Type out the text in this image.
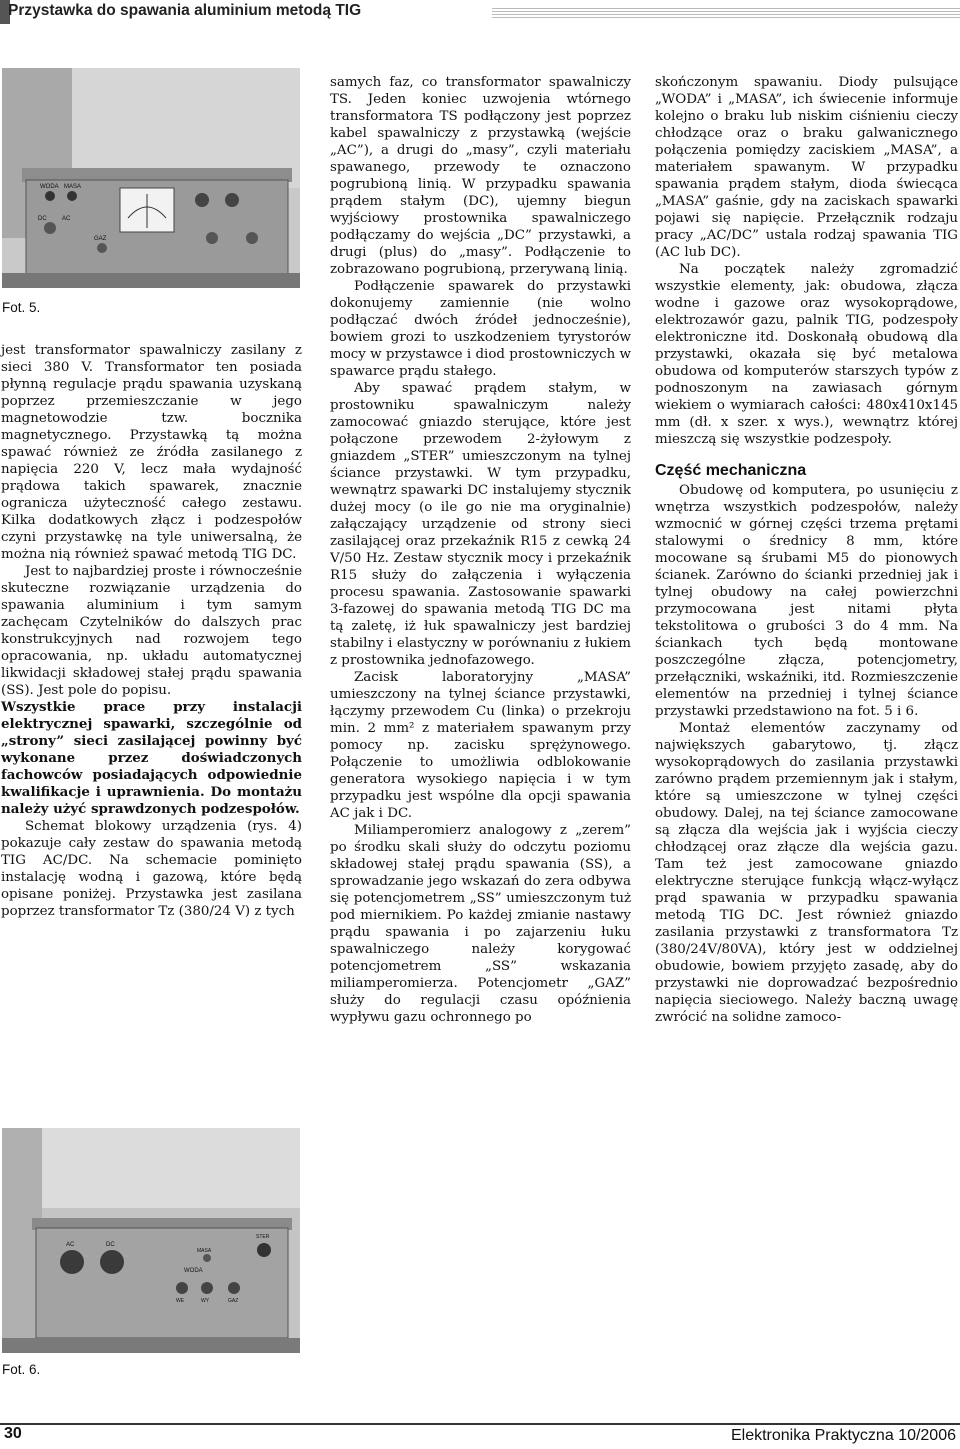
Przystawka do spawania aluminium metodą TIG
WODA MASA
DC	AC
GAZ
Fot. 5.
AC	DC
WODA
WE	WY
MASA
GAZ
STER
Fot. 6.

jest transformator spawalniczy zasilany z sieci 380 V. Transformator ten posiada płynną regulacje prądu spawania uzyskaną poprzez przemieszczanie w jego magnetowodzie tzw. bocznika magnetycznego. Przystawką tą można spawać również ze źródła zasilanego z napięcia 220 V, lecz mała wydajność prądowa takich spawarek, znacznie ogranicza użyteczność całego zestawu. Kilka dodatkowych złącz i podzespołów czyni przystawkę na tyle uniwersalną, że można nią również spawać metodą TIG DC.

Jest to najbardziej proste i równocześnie skuteczne rozwiązanie urządzenia do spawania aluminium i tym samym zachęcam Czytelników do dalszych prac konstrukcyjnych nad rozwojem tego opracowania, np. układu automatycznej likwidacji składowej stałej prądu spawania (SS). Jest pole do popisu.

Wszystkie prace przy instalacji elektrycznej spawarki, szczególnie od „strony” sieci zasilającej powinny być wykonane przez doświadczonych fachowców posiadających odpowiednie kwalifikacje i uprawnienia. Do montażu należy użyć sprawdzonych podzespołów.

Schemat blokowy urządzenia (rys. 4) pokazuje cały zestaw do spawania metodą TIG AC/DC. Na schemacie pominięto instalację wodną i gazową, które będą opisane poniżej. Przystawka jest zasilana poprzez transformator Tz (380/24 V) z tych

samych faz, co transformator spawalniczy TS. Jeden koniec uzwojenia wtórnego transformatora TS podłączony jest poprzez kabel spawalniczy z przystawką (wejście „AC”), a drugi do „masy”, czyli materiału spawanego, przewody te oznaczono pogrubioną linią. W przypadku spawania prądem stałym (DC), ujemny biegun wyjściowy prostownika spawalniczego podłączamy do wejścia „DC” przystawki, a drugi (plus) do „masy”. Podłączenie to zobrazowano pogrubioną, przerywaną linią.

Podłączenie spawarek do przystawki dokonujemy zamiennie (nie wolno podłączać dwóch źródeł jednocześnie), bowiem grozi to uszkodzeniem tyrystorów mocy w przystawce i diod prostowniczych w spawarce prądu stałego.

Aby spawać prądem stałym, w prostowniku spawalniczym należy zamocować gniazdo sterujące, które jest połączone przewodem 2-żyłowym z gniazdem „STER” umieszczonym na tylnej ściance przystawki. W tym przypadku, wewnątrz spawarki DC instalujemy stycznik dużej mocy (o ile go nie ma oryginalnie) załączający urządzenie od strony sieci zasilającej oraz przekaźnik R15 z cewką 24 V/50 Hz. Zestaw stycznik mocy i przekaźnik R15 służy do załączenia i wyłączenia procesu spawania. Zastosowanie spawarki 3-fazowej do spawania metodą TIG DC ma tą zaletę, iż łuk spawalniczy jest bardziej stabilny i elastyczny w porównaniu z łukiem z prostownika jednofazowego.

Zacisk laboratoryjny „MASA” umieszczony na tylnej ściance przystawki, łączymy przewodem Cu (linka) o przekroju min. 2 mm² z materiałem spawanym przy pomocy np. zacisku sprężynowego. Połączenie to umożliwia odblokowanie generatora wysokiego napięcia i w tym przypadku jest wspólne dla opcji spawania AC jak i DC.

Miliamperomierz analogowy z „zerem” po środku skali służy do odczytu poziomu składowej stałej prądu spawania (SS), a sprowadzanie jego wskazań do zera odbywa się potencjometrem „SS” umieszczonym tuż pod miernikiem. Po każdej zmianie nastawy prądu spawania i po zajarzeniu łuku spawalniczego należy korygować potencjometrem „SS” wskazania miliamperomierza. Potencjometr „GAZ” służy do regulacji czasu opóźnienia wypływu gazu ochronnego po

skończonym spawaniu. Diody pulsujące „WODA” i „MASA”, ich świecenie informuje kolejno o braku lub niskim ciśnieniu cieczy chłodzące oraz o braku galwanicznego połączenia pomiędzy zaciskiem „MASA”, a materiałem spawanym. W przypadku spawania prądem stałym, dioda świecąca „MASA” gaśnie, gdy na zaciskach spawarki pojawi się napięcie. Przełącznik rodzaju pracy „AC/DC” ustala rodzaj spawania TIG (AC lub DC).

Na początek należy zgromadzić wszystkie elementy, jak: obudowa, złącza wodne i gazowe oraz wysokoprądowe, elektrozawór gazu, palnik TIG, podzespoły elektroniczne itd. Doskonałą obudową dla przystawki, okazała się być metalowa obudowa od komputerów starszych typów z podnoszonym na zawiasach górnym wiekiem o wymiarach całości: 480x410x145 mm (dł. x szer. x wys.), wewnątrz której mieszczą się wszystkie podzespoły.

Część mechaniczna

Obudowę od komputera, po usunięciu z wnętrza wszystkich podzespołów, należy wzmocnić w górnej części trzema prętami stalowymi o średnicy 8 mm, które mocowane są śrubami M5 do pionowych ścianek. Zarówno do ścianki przedniej jak i tylnej obudowy na całej powierzchni przymocowana jest nitami płyta tekstolitowa o grubości 3 do 4 mm. Na ściankach tych będą montowane poszczególne złącza, potencjometry, przełączniki, wskaźniki, itd. Rozmieszczenie elementów na przedniej i tylnej ściance przystawki przedstawiono na fot. 5 i 6.

Montaż elementów zaczynamy od największych gabarytowo, tj. złącz wysokoprądowych do zasilania przystawki zarówno prądem przemiennym jak i stałym, które są umieszczone w tylnej części obudowy. Dalej, na tej ściance zamocowane są złącza dla wejścia jak i wyjścia cieczy chłodzącej oraz złącze dla wejścia gazu. Tam też jest zamocowane gniazdo elektryczne sterujące funkcją włącz-wyłącz prąd spawania w przypadku spawania metodą TIG DC. Jest również gniazdo zasilania przystawki z transformatora Tz (380/24V/80VA), który jest w oddzielnej obudowie, bowiem przyjęto zasadę, aby do przystawki nie doprowadzać bezpośrednio napięcia sieciowego. Należy baczną uwagę zwrócić na solidne zamoco-

30	Elektronika Praktyczna 10/2006
